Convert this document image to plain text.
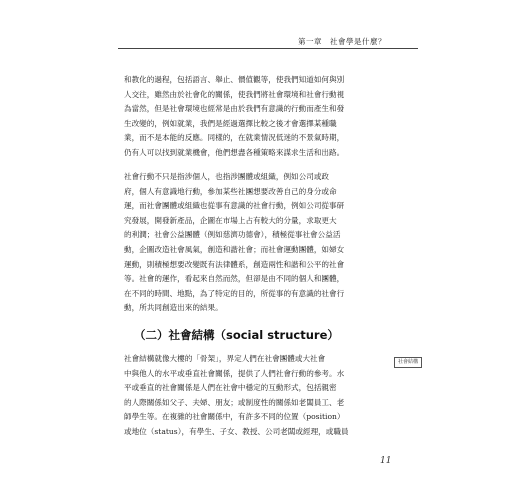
第一章　社會學是什麼？
和教化的過程，包括語言、舉止、價值觀等，使我們知道如何與別
人交往，雖然由於社會化的關係，使我們將社會環境和社會行動視
為當然，但是社會環境也經常是由於我們有意識的行動而產生和發
生改變的，例如就業，我們是經過選擇比較之後才會選擇某種職
業，而不是本能的反應。同樣的，在就業情況低迷的不景氣時期，
仍有人可以找到就業機會，他們想盡各種策略來謀求生活和出路。
社會行動不只是指涉個人，也指涉團體或組織，例如公司或政
府，個人有意識地行動，參加某些社團想要改善自己的身分或命
運，而社會團體或組織也從事有意識的社會行動，例如公司從事研
究發展，開發新產品，企圖在市場上占有較大的分量，求取更大
的利潤；社會公益團體（例如慈濟功德會），積極從事社會公益活
動，企圖改造社會風氣，創造和諧社會；而社會運動團體，如婦女
運動，則積極想要改變既有法律體系，創造兩性和諧和公平的社會
等。社會的運作，看起來自然而然，但卻是由不同的個人和團體，
在不同的時間、地點，為了特定的目的，所從事的有意識的社會行
動，所共同創造出來的結果。
（二）社會結構（social structure）
社會結構就像大樓的「骨架」，界定人們在社會團體或大社會
中與他人的水平或垂直社會關係，提供了人們社會行動的參考。水
平或垂直的社會關係是人們在社會中穩定的互動形式，包括親密
的人際關係如父子、夫婦、朋友；或制度性的關係如老闆員工、老
師學生等。在複雜的社會關係中，有許多不同的位置（position）
或地位（status），有學生、子女、教授、公司老闆或經理，或職員
社會結構
11
